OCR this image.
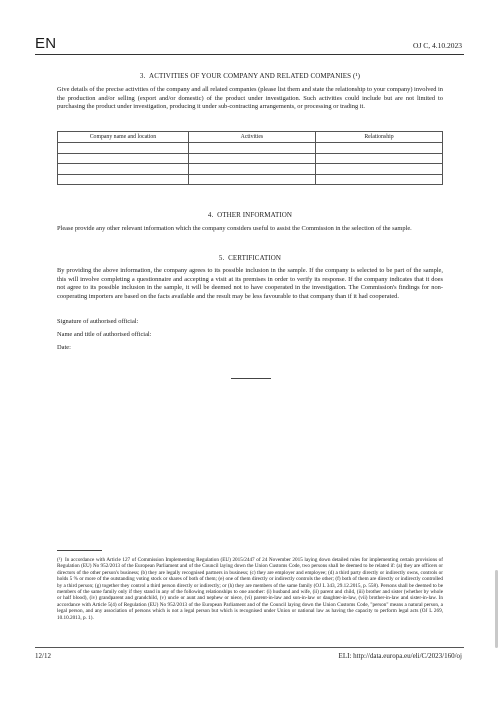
EN	OJ C, 4.10.2023
3.  ACTIVITIES OF YOUR COMPANY AND RELATED COMPANIES (¹)
Give details of the precise activities of the company and all related companies (please list them and state the relationship to your company) involved in the production and/or selling (export and/or domestic) of the product under investigation. Such activities could include but are not limited to purchasing the product under investigation, producing it under sub-contracting arrangements, or processing or trading it.
Company name and location	Activities	Relationship

4.  OTHER INFORMATION
Please provide any other relevant information which the company considers useful to assist the Commission in the selection of the sample.
5.  CERTIFICATION
By providing the above information, the company agrees to its possible inclusion in the sample. If the company is selected to be part of the sample, this will involve completing a questionnaire and accepting a visit at its premises in order to verify its response. If the company indicates that it does not agree to its possible inclusion in the sample, it will be deemed not to have cooperated in the investigation. The Commission's findings for non-cooperating importers are based on the facts available and the result may be less favourable to that company than if it had cooperated.
Signature of authorised official:
Name and title of authorised official:
Date:
(¹) In accordance with Article 127 of Commission Implementing Regulation (EU) 2015/2447 of 24 November 2015 laying down detailed rules for implementing certain provisions of Regulation (EU) No 952/2013 of the European Parliament and of the Council laying down the Union Customs Code, two persons shall be deemed to be related if: (a) they are officers or directors of the other person's business; (b) they are legally recognised partners in business; (c) they are employer and employee; (d) a third party directly or indirectly owns, controls or holds 5 % or more of the outstanding voting stock or shares of both of them; (e) one of them directly or indirectly controls the other; (f) both of them are directly or indirectly controlled by a third person; (g) together they control a third person directly or indirectly; or (h) they are members of the same family (OJ L 343, 29.12.2015, p. 558). Persons shall be deemed to be members of the same family only if they stand in any of the following relationships to one another: (i) husband and wife, (ii) parent and child, (iii) brother and sister (whether by whole or half blood), (iv) grandparent and grandchild, (v) uncle or aunt and nephew or niece, (vi) parent-in-law and son-in-law or daughter-in-law, (vii) brother-in-law and sister-in-law. In accordance with Article 5(4) of Regulation (EU) No 952/2013 of the European Parliament and of the Council laying down the Union Customs Code, "person" means a natural person, a legal person, and any association of persons which is not a legal person but which is recognised under Union or national law as having the capacity to perform legal acts (OJ L 269, 10.10.2013, p. 1).
12/12	ELI: http://data.europa.eu/eli/C/2023/160/oj
